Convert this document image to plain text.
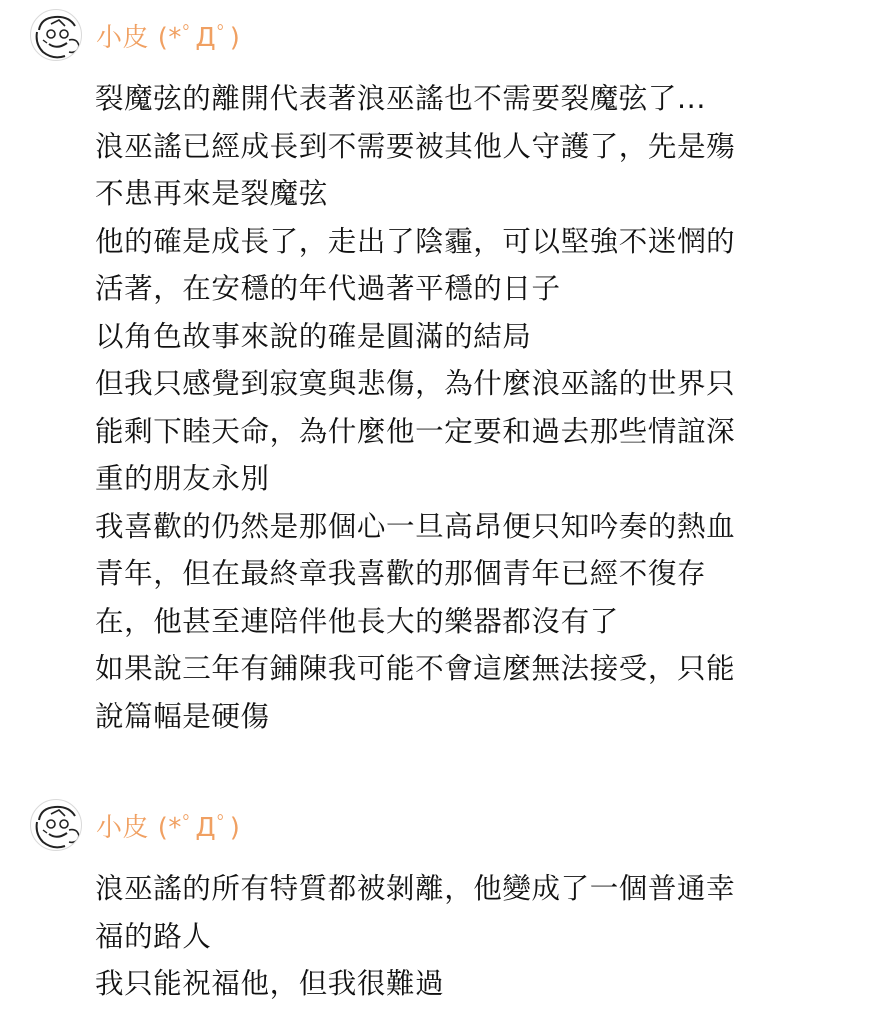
小皮 (*ﾟДﾟ)
裂魔弦的離開代表著浪巫謠也不需要裂魔弦了...
浪巫謠已經成長到不需要被其他人守護了，先是殤
不患再來是裂魔弦
他的確是成長了，走出了陰霾，可以堅強不迷惘的
活著，在安穩的年代過著平穩的日子
以角色故事來說的確是圓滿的結局
但我只感覺到寂寞與悲傷，為什麼浪巫謠的世界只
能剩下睦天命，為什麼他一定要和過去那些情誼深
重的朋友永別
我喜歡的仍然是那個心一旦高昂便只知吟奏的熱血
青年，但在最終章我喜歡的那個青年已經不復存
在，他甚至連陪伴他長大的樂器都沒有了
如果說三年有鋪陳我可能不會這麼無法接受，只能
說篇幅是硬傷
小皮 (*ﾟДﾟ)
浪巫謠的所有特質都被剝離，他變成了一個普通幸
福的路人
我只能祝福他，但我很難過
